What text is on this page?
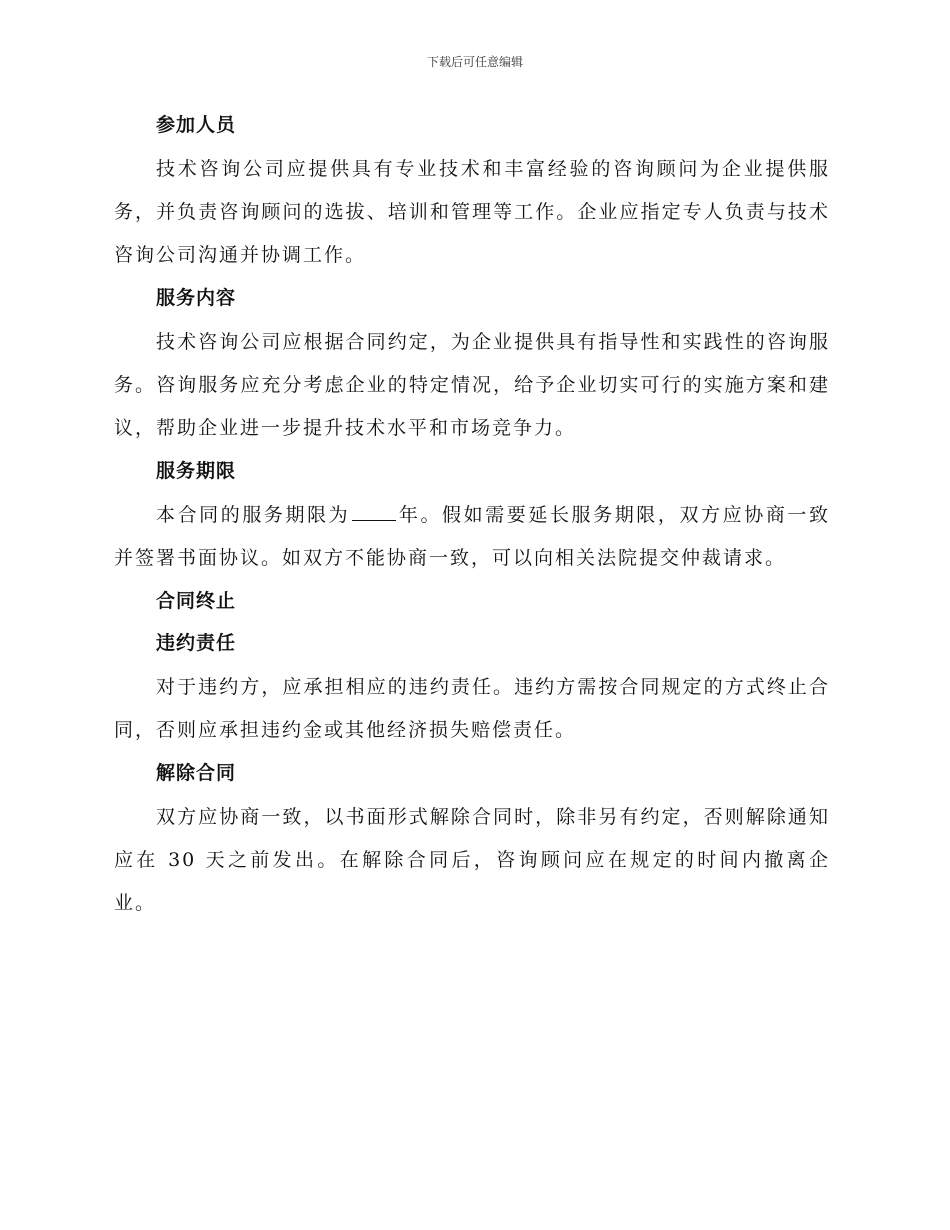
下载后可任意编辑
参加人员

技术咨询公司应提供具有专业技术和丰富经验的咨询顾问为企业提供服务，并负责咨询顾问的选拔、培训和管理等工作。企业应指定专人负责与技术咨询公司沟通并协调工作。

服务内容

技术咨询公司应根据合同约定，为企业提供具有指导性和实践性的咨询服务。咨询服务应充分考虑企业的特定情况，给予企业切实可行的实施方案和建议，帮助企业进一步提升技术水平和市场竞争力。

服务期限

本合同的服务期限为	年。假如需要延长服务期限，双方应协商一致并签署书面协议。如双方不能协商一致，可以向相关法院提交仲裁请求。

合同终止
违约责任

对于违约方，应承担相应的违约责任。违约方需按合同规定的方式终止合同，否则应承担违约金或其他经济损失赔偿责任。

解除合同

双方应协商一致，以书面形式解除合同时，除非另有约定，否则解除通知应在 30 天之前发出。在解除合同后，咨询顾问应在规定的时间内撤离企业。
